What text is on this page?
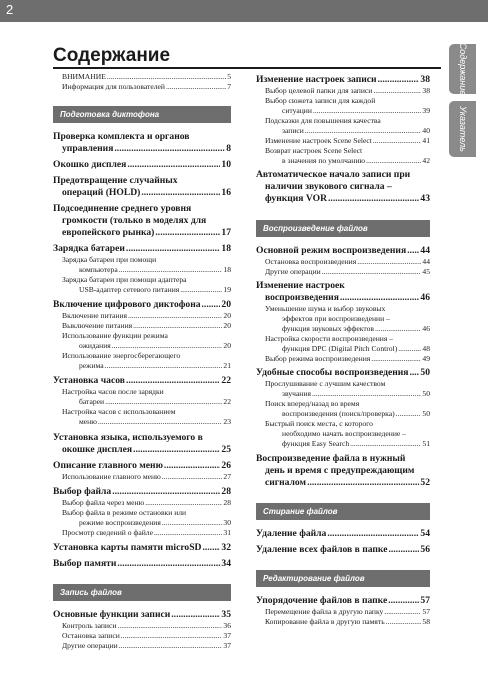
2
Содержание
Указатель
Содержание
ВНИМАНИЕ .....	5
Информация для пользователей .....	7
Подготовка диктофона
Проверка комплекта и органов
управления .....	8
Окошко дисплея .....	10
Предотвращение случайных
операций (HOLD) .....	16
Подсоединение среднего уровня
громкости (только в моделях для
европейского рынка) .....	17
Зарядка батареи .....	18
Зарядка батареи при помощи
компьютера .....	18
Зарядка батареи при помощи адаптера
USB-адаптер сетевого питания .....	19
Включение цифрового диктофона ..... 20
Включение питания .....	20
Выключение питания .....	20
Использование функции режима
ожидания .....	20
Использование энергосберегающего
режима .....	21
Установка часов .....	22
Настройка часов после зарядки
батареи .....	22
Настройка часов с использованием
меню .....	23
Установка языка, используемого в
окошке дисплея .....	25
Описание главного меню .....	26
Использование главного меню .....	27
Выбор файла .....	28
Выбор файла через меню .....	28
Выбор файла в режиме остановки или
режиме воспроизведения .....	30
Просмотр сведений о файле .....	31
Установка карты памяти microSD ..... 32
Выбор памяти .....	34
Запись файлов
Основные функции записи .....	35
Контроль записи .....	36
Остановка записи .....	37
Другие операции .....	37
Изменение настроек записи .....	38
Выбор целевой папки для записи .....	38
Выбор сюжета записи для каждой
ситуации .....	39
Подсказки для повышения качества
записи .....	40
Изменение настроек Scene Select .....	41
Возврат настроек Scene Select
в значения по умолчанию .....	42
Автоматическое начало записи при
наличии звукового сигнала –
функция VOR .....	43
Воспроизведение файлов
Основной режим воспроизведения ..... 44
Остановка воспроизведения .....	44
Другие операции .....	45
Изменение настроек
воспроизведения .....	46
Уменьшение шума и выбор звуковых
эффектов при воспроизведении –
функция звуковых эффектов .....	46
Настройка скорости воспроизведения –
функция DPC (Digital Pitch Control) .....	48
Выбор режима воспроизведения .....	49
Удобные способы воспроизведения ..... 50
Прослушивание с лучшим качеством
звучания .....	50
Поиск вперед/назад во время
воспроизведения (поиск/проверка) .....	50
Быстрый поиск места, с которого
необходимо начать воспроизведение –
функция Easy Search .....	51
Воспроизведение файла в нужный
день и время с предупреждающим
сигналом .....	52
Стирание файлов
Удаление файла .....	54
Удаление всех файлов в папке .....	56
Редактирование файлов
Упорядочение файлов в папке .....	57
Перемещение файла в другую папку .....	57
Копирование файла в другую память .....	58
